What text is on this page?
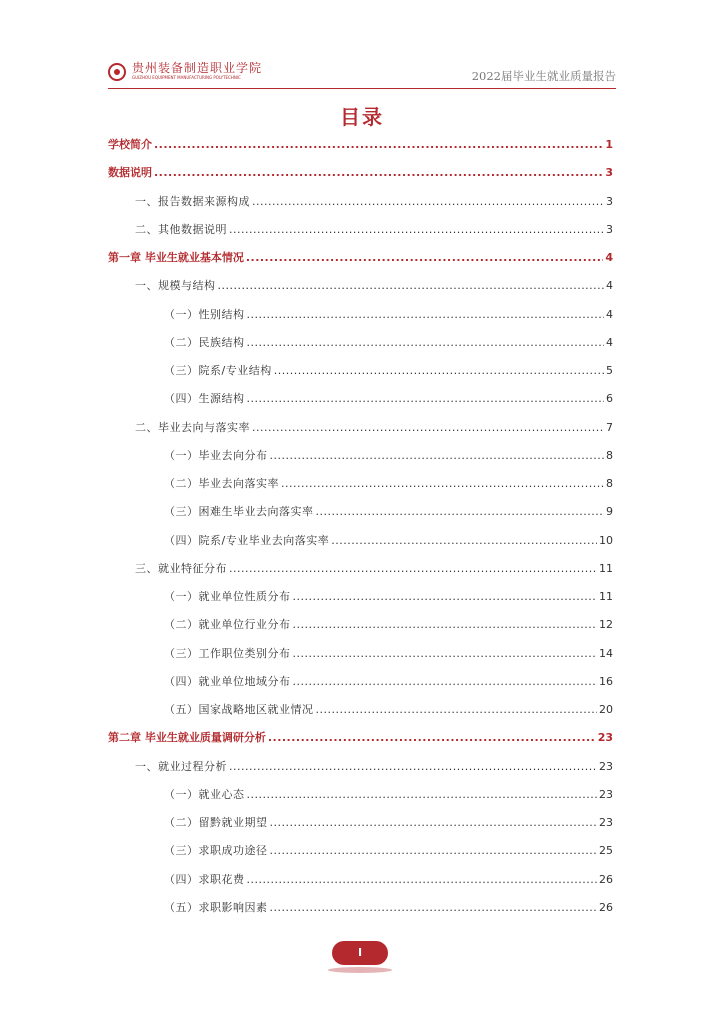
贵州装备制造职业学院
GUIZHOU EQUIPMENT MANUFACTURING POLYTECHNIC	2022届毕业生就业质量报告
目录
学校简介 .....	1
数据说明 .....	3
一、报告数据来源构成 .....	3
二、其他数据说明 .....	3
第一章 毕业生就业基本情况 .....	4
一、规模与结构 .....	4
（一）性别结构 .....	4
（二）民族结构 .....	4
（三）院系/专业结构 .....	5
（四）生源结构 .....	6
二、毕业去向与落实率 .....	7
（一）毕业去向分布 .....	8
（二）毕业去向落实率 .....	8
（三）困难生毕业去向落实率 .....	9
（四）院系/专业毕业去向落实率 .....	10
三、就业特征分布 .....	11
（一）就业单位性质分布 .....	11
（二）就业单位行业分布 .....	12
（三）工作职位类别分布 .....	14
（四）就业单位地域分布 .....	16
（五）国家战略地区就业情况 .....	20
第二章 毕业生就业质量调研分析 .....	23
一、就业过程分析 .....	23
（一）就业心态 .....	23
（二）留黔就业期望 .....	23
（三）求职成功途径 .....	25
（四）求职花费 .....	26
（五）求职影响因素 .....	26
I
